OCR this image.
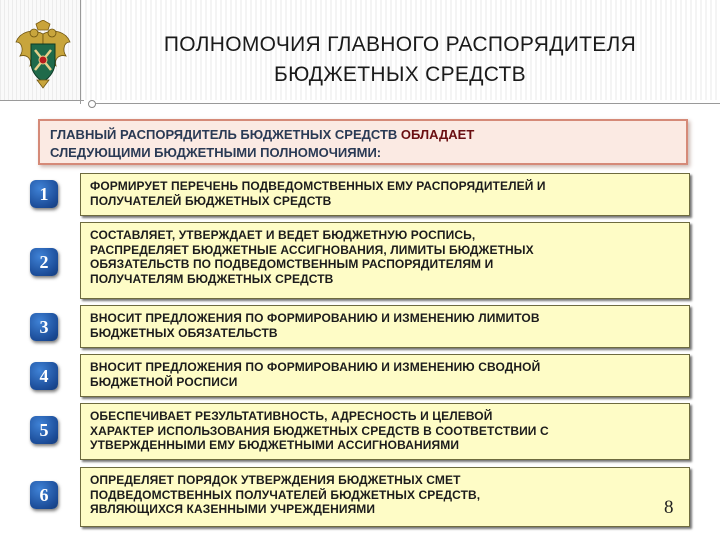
ПОЛНОМОЧИЯ ГЛАВНОГО РАСПОРЯДИТЕЛЯ
БЮДЖЕТНЫХ СРЕДСТВ
ГЛАВНЫЙ РАСПОРЯДИТЕЛЬ БЮДЖЕТНЫХ СРЕДСТВ ОБЛАДАЕТ
СЛЕДУЮЩИМИ БЮДЖЕТНЫМИ ПОЛНОМОЧИЯМИ:
1	ФОРМИРУЕТ ПЕРЕЧЕНЬ ПОДВЕДОМСТВЕННЫХ ЕМУ РАСПОРЯДИТЕЛЕЙ И
ПОЛУЧАТЕЛЕЙ БЮДЖЕТНЫХ СРЕДСТВ
2
СОСТАВЛЯЕТ, УТВЕРЖДАЕТ И ВЕДЕТ БЮДЖЕТНУЮ РОСПИСЬ,
РАСПРЕДЕЛЯЕТ БЮДЖЕТНЫЕ АССИГНОВАНИЯ, ЛИМИТЫ БЮДЖЕТНЫХ
ОБЯЗАТЕЛЬСТВ ПО ПОДВЕДОМСТВЕННЫМ РАСПОРЯДИТЕЛЯМ И
ПОЛУЧАТЕЛЯМ БЮДЖЕТНЫХ СРЕДСТВ
3	ВНОСИТ ПРЕДЛОЖЕНИЯ ПО ФОРМИРОВАНИЮ И ИЗМЕНЕНИЮ ЛИМИТОВ
БЮДЖЕТНЫХ ОБЯЗАТЕЛЬСТВ
4	ВНОСИТ ПРЕДЛОЖЕНИЯ ПО ФОРМИРОВАНИЮ И ИЗМЕНЕНИЮ СВОДНОЙ
БЮДЖЕТНОЙ РОСПИСИ
5
ОБЕСПЕЧИВАЕТ РЕЗУЛЬТАТИВНОСТЬ, АДРЕСНОСТЬ И ЦЕЛЕВОЙ
ХАРАКТЕР ИСПОЛЬЗОВАНИЯ БЮДЖЕТНЫХ СРЕДСТВ В СООТВЕТСТВИИ С
УТВЕРЖДЕННЫМИ ЕМУ БЮДЖЕТНЫМИ АССИГНОВАНИЯМИ
6
ОПРЕДЕЛЯЕТ ПОРЯДОК УТВЕРЖДЕНИЯ БЮДЖЕТНЫХ СМЕТ
ПОДВЕДОМСТВЕННЫХ ПОЛУЧАТЕЛЕЙ БЮДЖЕТНЫХ СРЕДСТВ,
ЯВЛЯЮЩИХСЯ КАЗЕННЫМИ УЧРЕЖДЕНИЯМИ	8
